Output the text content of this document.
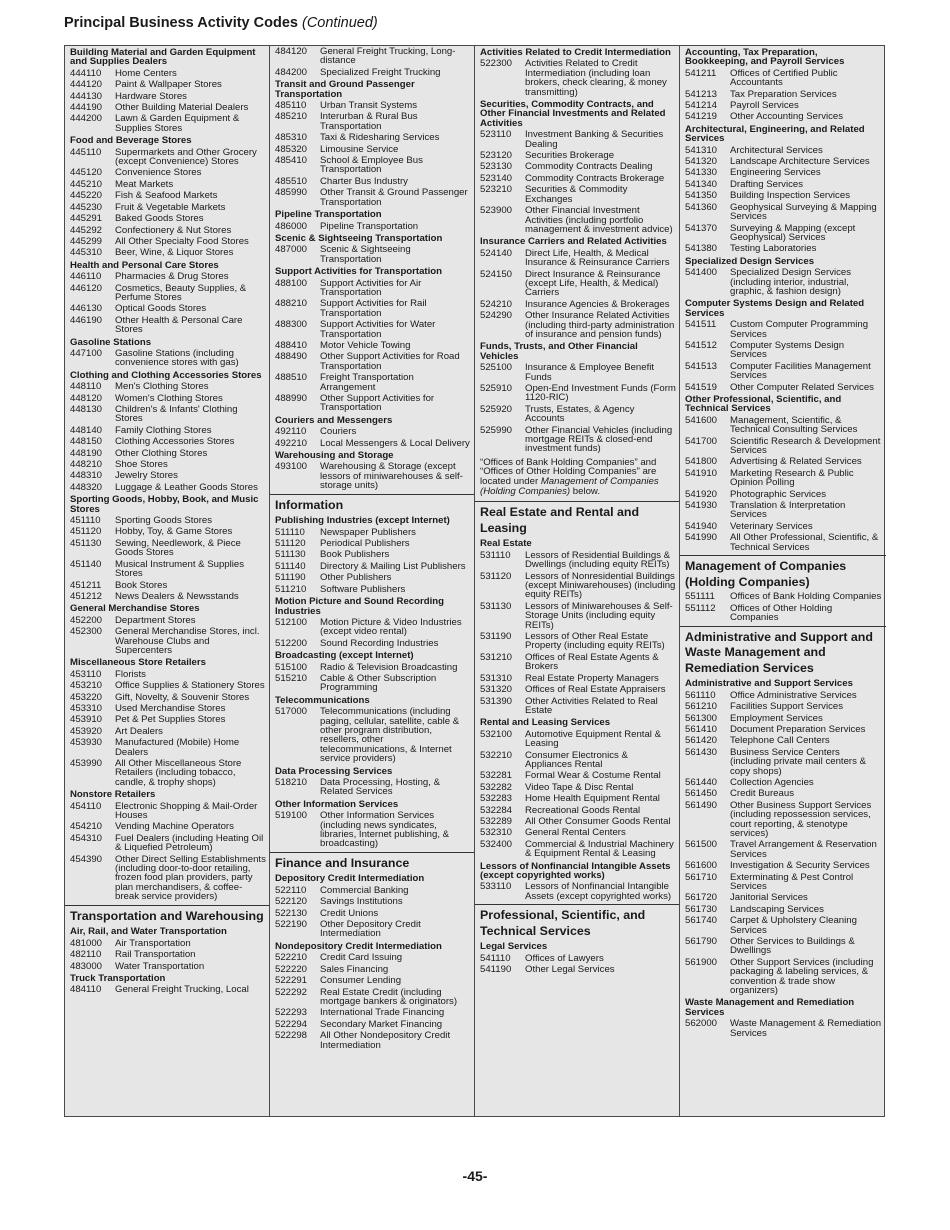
Principal Business Activity Codes (Continued)
Building Material and Garden Equipment and Supplies Dealers
444110	Home Centers
444120	Paint & Wallpaper Stores
444130	Hardware Stores
444190	Other Building Material Dealers
444200	Lawn & Garden Equipment & Supplies Stores
Food and Beverage Stores
445110	Supermarkets and Other Grocery (except Convenience) Stores
445120	Convenience Stores
445210	Meat Markets
445220	Fish & Seafood Markets
445230	Fruit & Vegetable Markets
445291	Baked Goods Stores
445292	Confectionery & Nut Stores
445299	All Other Specialty Food Stores
445310	Beer, Wine, & Liquor Stores
Health and Personal Care Stores
446110	Pharmacies & Drug Stores
446120	Cosmetics, Beauty Supplies, & Perfume Stores
446130	Optical Goods Stores
446190	Other Health & Personal Care Stores
Gasoline Stations
447100	Gasoline Stations (including convenience stores with gas)
Clothing and Clothing Accessories Stores
448110	Men's Clothing Stores
448120	Women's Clothing Stores
448130	Children's & Infants' Clothing Stores
448140	Family Clothing Stores
448150	Clothing Accessories Stores
448190	Other Clothing Stores
448210	Shoe Stores
448310	Jewelry Stores
448320	Luggage & Leather Goods Stores
Sporting Goods, Hobby, Book, and Music Stores
451110	Sporting Goods Stores
451120	Hobby, Toy, & Game Stores
451130	Sewing, Needlework, & Piece Goods Stores
451140	Musical Instrument & Supplies Stores
451211	Book Stores
451212	News Dealers & Newsstands
General Merchandise Stores
452200	Department Stores
452300	General Merchandise Stores, incl. Warehouse Clubs and Supercenters
Miscellaneous Store Retailers
453110	Florists
453210	Office Supplies & Stationery Stores
453220	Gift, Novelty, & Souvenir Stores
453310	Used Merchandise Stores
453910	Pet & Pet Supplies Stores
453920	Art Dealers
453930	Manufactured (Mobile) Home Dealers
453990	All Other Miscellaneous Store Retailers (including tobacco, candle, & trophy shops)
Nonstore Retailers
454110	Electronic Shopping & Mail-Order Houses
454210	Vending Machine Operators
454310	Fuel Dealers (including Heating Oil & Liquefied Petroleum)
454390	Other Direct Selling Establishments (including door-to-door retailing, frozen food plan providers, party plan merchandisers, & coffee-break service providers)
Transportation and Warehousing
Air, Rail, and Water Transportation
481000	Air Transportation
482110	Rail Transportation
483000	Water Transportation
Truck Transportation
484110	General Freight Trucking, Local
484120	General Freight Trucking, Long-distance
484200	Specialized Freight Trucking
Transit and Ground Passenger Transportation
485110	Urban Transit Systems
485210	Interurban & Rural Bus Transportation
485310	Taxi & Ridesharing Services
485320	Limousine Service
485410	School & Employee Bus Transportation
485510	Charter Bus Industry
485990	Other Transit & Ground Passenger Transportation
Pipeline Transportation
486000	Pipeline Transportation
Scenic & Sightseeing Transportation
487000	Scenic & Sightseeing Transportation
Support Activities for Transportation
488100	Support Activities for Air Transportation
488210	Support Activities for Rail Transportation
488300	Support Activities for Water Transportation
488410	Motor Vehicle Towing
488490	Other Support Activities for Road Transportation
488510	Freight Transportation Arrangement
488990	Other Support Activities for Transportation
Couriers and Messengers
492110	Couriers
492210	Local Messengers & Local Delivery
Warehousing and Storage
493100	Warehousing & Storage (except lessors of miniwarehouses & self-storage units)
Information
Publishing Industries (except Internet)
511110	Newspaper Publishers
511120	Periodical Publishers
511130	Book Publishers
511140	Directory & Mailing List Publishers
511190	Other Publishers
511210	Software Publishers
Motion Picture and Sound Recording Industries
512100	Motion Picture & Video Industries (except video rental)
512200	Sound Recording Industries
Broadcasting (except Internet)
515100	Radio & Television Broadcasting
515210	Cable & Other Subscription Programming
Telecommunications
517000	Telecommunications (including paging, cellular, satellite, cable & other program distribution, resellers, other telecommunications, & Internet service providers)
Data Processing Services
518210	Data Processing, Hosting, & Related Services
Other Information Services
519100	Other Information Services (including news syndicates, libraries, Internet publishing, & broadcasting)
Finance and Insurance
Depository Credit Intermediation
522110	Commercial Banking
522120	Savings Institutions
522130	Credit Unions
522190	Other Depository Credit Intermediation
Nondepository Credit Intermediation
522210	Credit Card Issuing
522220	Sales Financing
522291	Consumer Lending
522292	Real Estate Credit (including mortgage bankers & originators)
522293	International Trade Financing
522294	Secondary Market Financing
522298	All Other Nondepository Credit Intermediation
Activities Related to Credit Intermediation
522300	Activities Related to Credit Intermediation (including loan brokers, check clearing, & money transmitting)
Securities, Commodity Contracts, and Other Financial Investments and Related Activities
523110	Investment Banking & Securities Dealing
523120	Securities Brokerage
523130	Commodity Contracts Dealing
523140	Commodity Contracts Brokerage
523210	Securities & Commodity Exchanges
523900	Other Financial Investment Activities (including portfolio management & investment advice)
Insurance Carriers and Related Activities
524140	Direct Life, Health, & Medical Insurance & Reinsurance Carriers
524150	Direct Insurance & Reinsurance (except Life, Health, & Medical) Carriers
524210	Insurance Agencies & Brokerages
524290	Other Insurance Related Activities (including third-party administration of insurance and pension funds)
Funds, Trusts, and Other Financial Vehicles
525100	Insurance & Employee Benefit Funds
525910	Open-End Investment Funds (Form 1120-RIC)
525920	Trusts, Estates, & Agency Accounts
525990	Other Financial Vehicles (including mortgage REITs & closed-end investment funds)
“Offices of Bank Holding Companies” and “Offices of Other Holding Companies” are located under Management of Companies (Holding Companies) below.
Real Estate and Rental and Leasing
Real Estate
531110	Lessors of Residential Buildings & Dwellings (including equity REITs)
531120	Lessors of Nonresidential Buildings (except Miniwarehouses) (including equity REITs)
531130	Lessors of Miniwarehouses & Self-Storage Units (including equity REITs)
531190	Lessors of Other Real Estate Property (including equity REITs)
531210	Offices of Real Estate Agents & Brokers
531310	Real Estate Property Managers
531320	Offices of Real Estate Appraisers
531390	Other Activities Related to Real Estate
Rental and Leasing Services
532100	Automotive Equipment Rental & Leasing
532210	Consumer Electronics & Appliances Rental
532281	Formal Wear & Costume Rental
532282	Video Tape & Disc Rental
532283	Home Health Equipment Rental
532284	Recreational Goods Rental
532289	All Other Consumer Goods Rental
532310	General Rental Centers
532400	Commercial & Industrial Machinery & Equipment Rental & Leasing
Lessors of Nonfinancial Intangible Assets (except copyrighted works)
533110	Lessors of Nonfinancial Intangible Assets (except copyrighted works)
Professional, Scientific, and Technical Services
Legal Services
541110	Offices of Lawyers
541190	Other Legal Services
Accounting, Tax Preparation, Bookkeeping, and Payroll Services
541211	Offices of Certified Public Accountants
541213	Tax Preparation Services
541214	Payroll Services
541219	Other Accounting Services
Architectural, Engineering, and Related Services
541310	Architectural Services
541320	Landscape Architecture Services
541330	Engineering Services
541340	Drafting Services
541350	Building Inspection Services
541360	Geophysical Surveying & Mapping Services
541370	Surveying & Mapping (except Geophysical) Services
541380	Testing Laboratories
Specialized Design Services
541400	Specialized Design Services (including interior, industrial, graphic, & fashion design)
Computer Systems Design and Related Services
541511	Custom Computer Programming Services
541512	Computer Systems Design Services
541513	Computer Facilities Management Services
541519	Other Computer Related Services
Other Professional, Scientific, and Technical Services
541600	Management, Scientific, & Technical Consulting Services
541700	Scientific Research & Development Services
541800	Advertising & Related Services
541910	Marketing Research & Public Opinion Polling
541920	Photographic Services
541930	Translation & Interpretation Services
541940	Veterinary Services
541990	All Other Professional, Scientific, & Technical Services
Management of Companies (Holding Companies)
551111	Offices of Bank Holding Companies
551112	Offices of Other Holding Companies
Administrative and Support and Waste Management and Remediation Services
Administrative and Support Services
561110	Office Administrative Services
561210	Facilities Support Services
561300	Employment Services
561410	Document Preparation Services
561420	Telephone Call Centers
561430	Business Service Centers (including private mail centers & copy shops)
561440	Collection Agencies
561450	Credit Bureaus
561490	Other Business Support Services (including repossession services, court reporting, & stenotype services)
561500	Travel Arrangement & Reservation Services
561600	Investigation & Security Services
561710	Exterminating & Pest Control Services
561720	Janitorial Services
561730	Landscaping Services
561740	Carpet & Upholstery Cleaning Services
561790	Other Services to Buildings & Dwellings
561900	Other Support Services (including packaging & labeling services, & convention & trade show organizers)
Waste Management and Remediation Services
562000	Waste Management & Remediation Services
-45-
